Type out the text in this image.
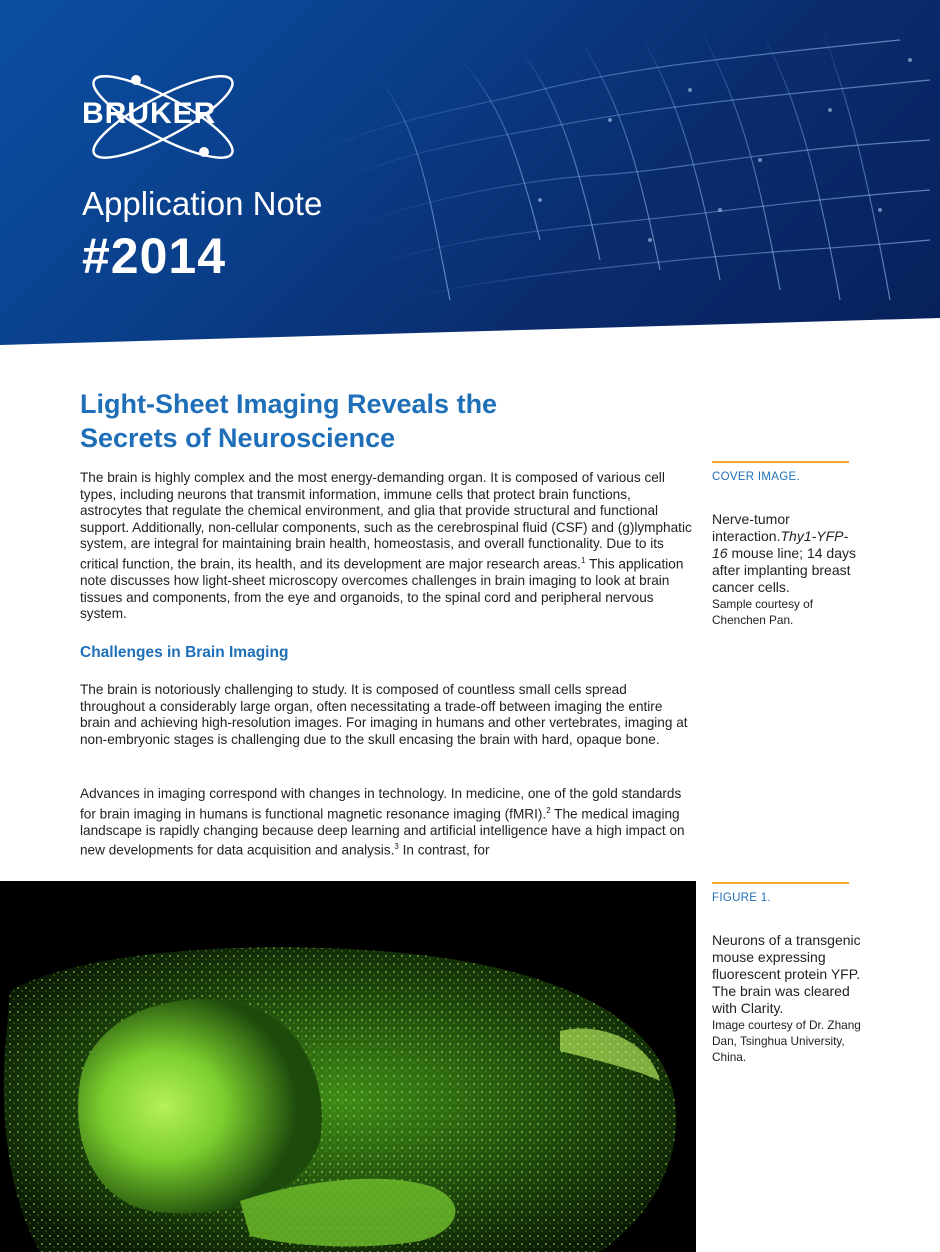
BRUKER
Application Note
#2014
Light-Sheet Imaging Reveals the
Secrets of Neuroscience
The brain is highly complex and the most energy-demanding organ. It is composed of various cell types, including neurons that transmit information, immune cells that protect brain functions, astrocytes that regulate the chemical environment, and glia that provide structural and functional support. Additionally, non-cellular components, such as the cerebrospinal fluid (CSF) and (g)lymphatic system, are integral for maintaining brain health, homeostasis, and overall functionality. Due to its critical function, the brain, its health, and its development are major research areas.$^1$ This application note discusses how light-sheet microscopy overcomes challenges in brain imaging to look at brain tissues and components, from the eye and organoids, to the spinal cord and peripheral nervous system.
Challenges in Brain Imaging
The brain is notoriously challenging to study. It is composed of countless small cells spread throughout a considerably large organ, often necessitating a trade-off between imaging the entire brain and achieving high-resolution images. For imaging in humans and other vertebrates, imaging at non-embryonic stages is challenging due to the skull encasing the brain with hard, opaque bone.
Advances in imaging correspond with changes in technology. In medicine, one of the gold standards for brain imaging in humans is functional magnetic resonance imaging (fMRI).$^2$ The medical imaging landscape is rapidly changing because deep learning and artificial intelligence have a high impact on new developments for data acquisition and analysis.$^3$ In contrast, for
COVER IMAGE.
Nerve-tumor interaction.Thy1-YFP-16 mouse line; 14 days after implanting breast cancer cells.
Sample courtesy of Chenchen Pan.
FIGURE 1.
Neurons of a transgenic mouse expressing fluorescent protein YFP. The brain was cleared with Clarity.
Image courtesy of Dr. Zhang Dan, Tsinghua University, China.
